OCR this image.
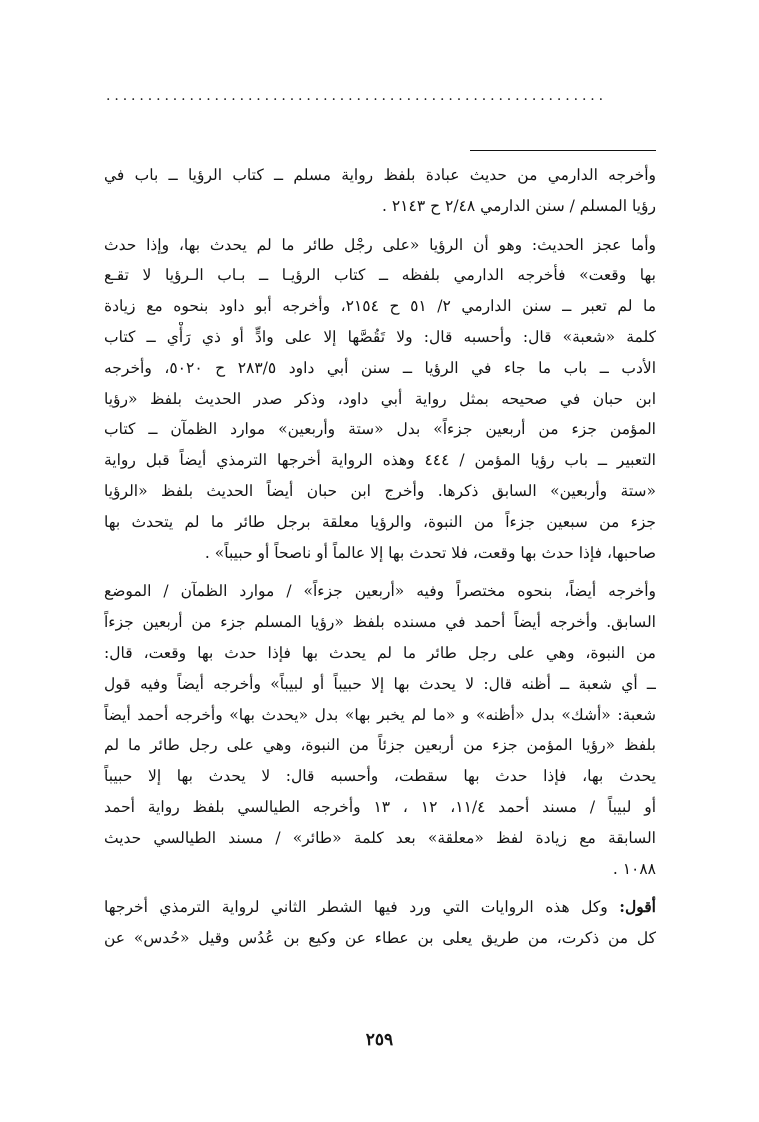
............................................................
وأخرجه الدارمي من حديث عبادة بلفظ رواية مسلم ــ كتاب الرؤيا ــ باب في
رؤيا المسلم / سنن الدارمي ٢/٤٨ ح ٢١٤٣ .
وأما عجز الحديث: وهو أن الرؤيا «على رجْل طائر ما لم يحدث بها، وإذا حدث
بها وقعت» فأخرجه الدارمي بلفظه ــ كتاب الرؤيـا ــ بـاب الـرؤيا لا تقـع
ما لم تعبر ــ سنن الدارمي ٢/ ٥١ ح ٢١٥٤، وأخرجه أبو داود بنحوه مع زيادة
كلمة «شعبة» قال: وأحسبه قال: ولا تَقُصَّها إلا على وادٍّ أو ذي رَأْي ــ كتاب
الأدب ــ باب ما جاء في الرؤيا ــ سنن أبي داود ٢٨٣/٥ ح ٥٠٢٠، وأخرجه
ابن حبان في صحيحه بمثل رواية أبي داود، وذكر صدر الحديث بلفظ «رؤيا
المؤمن جزء من أربعين جزءاً» بدل «ستة وأربعين» موارد الظمآن ــ كتاب
التعبير ــ باب رؤيا المؤمن / ٤٤٤ وهذه الرواية أخرجها الترمذي أيضاً قبل رواية
«ستة وأربعين» السابق ذكرها. وأخرج ابن حبان أيضاً الحديث بلفظ «الرؤيا
جزء من سبعين جزءاً من النبوة، والرؤيا معلقة برجل طائر ما لم يتحدث بها
صاحبها، فإذا حدث بها وقعت، فلا تحدث بها إلا عالماً أو ناصحاً أو حبيباً» .
وأخرجه أيضاً، بنحوه مختصراً وفيه «أربعين جزءاً» / موارد الظمآن / الموضع
السابق. وأخرجه أيضاً أحمد في مسنده بلفظ «رؤيا المسلم جزء من أربعين جزءاً
من النبوة، وهي على رجل طائر ما لم يحدث بها فإذا حدث بها وقعت، قال:
ــ أي شعبة ــ أظنه قال: لا يحدث بها إلا حبيباً أو لبيباً» وأخرجه أيضاً وفيه قول
شعبة: «أشك» بدل «أظنه» و «ما لم يخبر بها» بدل «يحدث بها» وأخرجه أحمد أيضاً
بلفظ «رؤيا المؤمن جزء من أربعين جزئاً من النبوة، وهي على رجل طائر ما لم
يحدث بها، فإذا حدث بها سقطت، وأحسبه قال: لا يحدث بها إلا حبيباً
أو لبيباً / مسند أحمد ١١/٤، ١٢ ، ١٣ وأخرجه الطيالسي بلفظ رواية أحمد
السابقة مع زيادة لفظ «معلقة» بعد كلمة «طائر» / مسند الطيالسي حديث
١٠٨٨ .
أقول: وكل هذه الروايات التي ورد فيها الشطر الثاني لرواية الترمذي أخرجها
كل من ذكرت، من طريق يعلى بن عطاء عن وكيع بن عُدُس وقيل «حُدس» عن
٢٥٩
